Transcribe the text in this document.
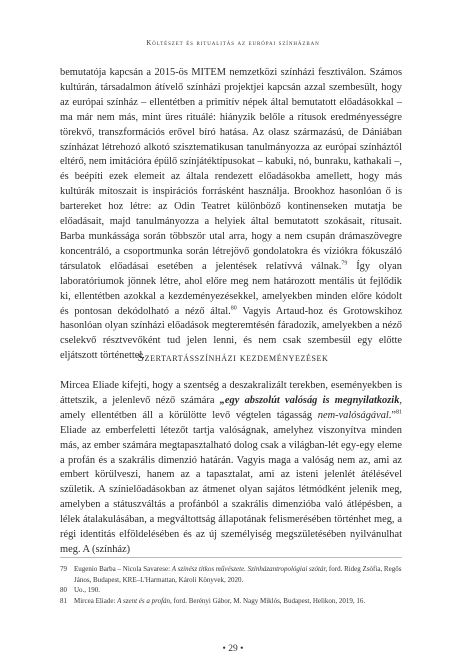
Költészet és ritualitás az európai színházban
bemutatója kapcsán a 2015-ös MITEM nemzetközi színházi fesztiválon. Számos kultúrán, társadalmon átívelő színházi projektjei kapcsán azzal szembesült, hogy az európai színház – ellentétben a primitív népek által bemutatott előadásokkal – ma már nem más, mint üres rituálé: hiányzik belőle a rítusok eredményességre törekvő, transzformációs erővel bíró hatása. Az olasz származású, de Dániában színházat létrehozó alkotó szisztematikusan tanulmányozza az európai színháztól eltérő, nem imitációra épülő színjátéktípusokat – kabuki, nó, bunraku, kathakali –, és beépíti ezek elemeit az általa rendezett előadásokba amellett, hogy más kultúrák mítoszait is inspirációs forrásként használja. Brookhoz hasonlóan ő is bartereket hoz létre: az Odin Teatret különböző kontinenseken mutatja be előadásait, majd tanulmányozza a helyiek által bemutatott szokásait, rítusait. Barba munkássága során többször utal arra, hogy a nem csupán drámaszövegre koncentráló, a csoportmunka során létrejövő gondolatokra és víziókra fókuszáló társulatok előadásai esetében a jelentések relatívvá válnak.$^{79}$ Így olyan laboratóriumok jönnek létre, ahol előre meg nem határozott mentális út fejlődik ki, ellentétben azokkal a kezdeményezésekkel, amelyekben minden előre kódolt és pontosan dekódolható a néző által.$^{80}$ Vagyis Artaud-hoz és Grotowskihoz hasonlóan olyan színházi előadások megteremtésén fáradozik, amelyekben a néző cselekvő résztvevőként tud jelen lenni, és nem csak szembesül egy előtte eljátszott történettel.
Szertartásszínházi kezdeményezések
Mircea Eliade kifejti, hogy a szentség a deszakralizált terekben, eseményekben is áttetszik, a jelenlevő néző számára „egy abszolút valóság is megnyilatkozik, amely ellentétben áll a körülötte levő végtelen tágasság nem-valóságával.”$^{81}$ Eliade az emberfeletti létezőt tartja valóságnak, amelyhez viszonyítva minden más, az ember számára megtapasztalható dolog csak a világban-lét egy-egy eleme a profán és a szakrális dimenzió határán. Vagyis maga a valóság nem az, ami az embert körülveszi, hanem az a tapasztalat, ami az isteni jelenlét átélésével születik. A színielőadásokban az átmenet olyan sajátos létmódként jelenik meg, amelyben a státuszváltás a profánból a szakrális dimenzióba való átlépésben, a lélek átalakulásában, a megváltottság állapotának felismerésében történhet meg, a régi identitás elföldelésében és az új személyiség megszületésében nyilvánulhat meg. A (színház)
79	Eugenio Barba – Nicola Savarese: A színész titkos művészete. Színházantropológiai szótár, ford. Rideg Zsófia, Regős János, Budapest, KRE–L'Harmattan, Károli Könyvek, 2020.
80	Uo., 190.
81	Mircea Eliade: A szent és a profán, ford. Berényi Gábor, M. Nagy Miklós, Budapest, Helikon, 2019, 16.
• 29 •
